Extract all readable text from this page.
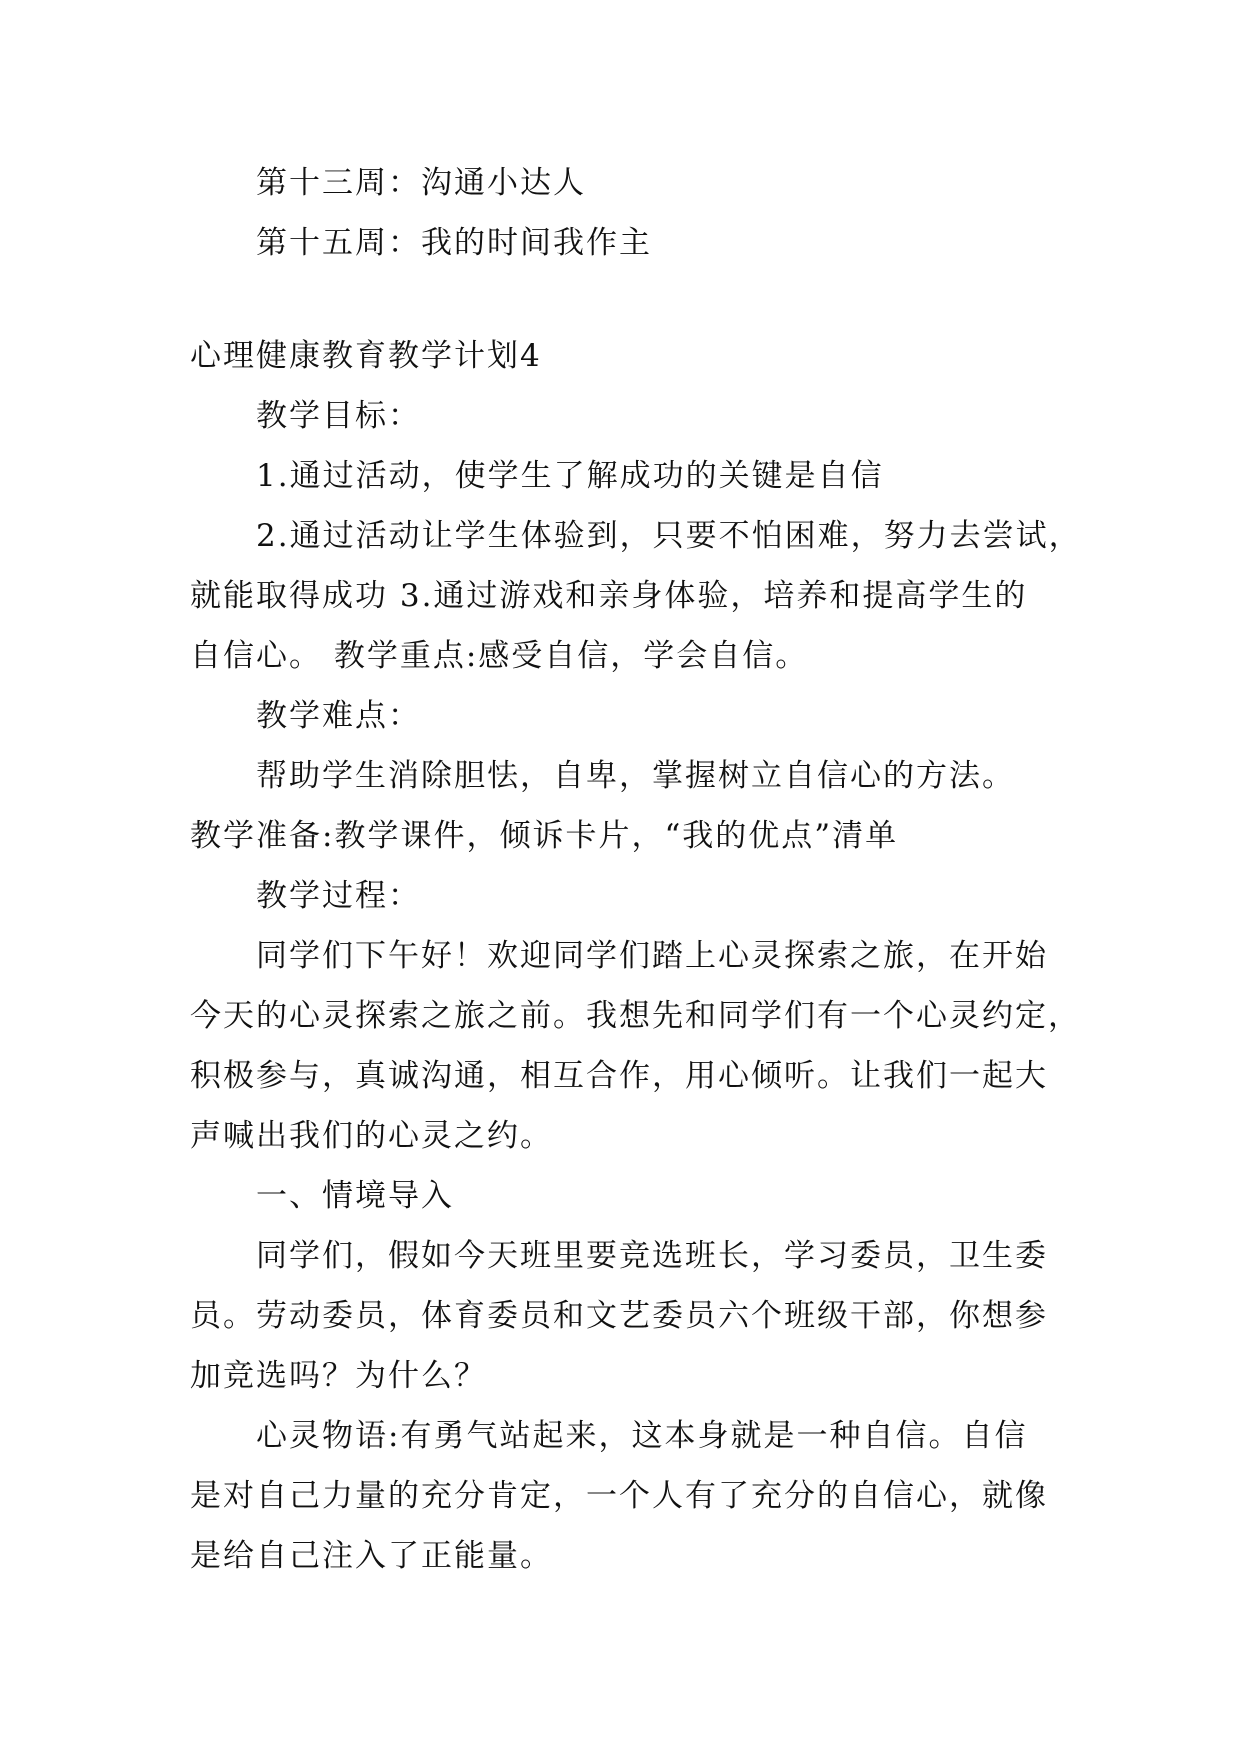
第十三周：沟通小达人
第十五周：我的时间我作主
心理健康教育教学计划4
教学目标：
1.通过活动，使学生了解成功的关键是自信
2.通过活动让学生体验到，只要不怕困难，努力去尝试，
就能取得成功 3.通过游戏和亲身体验，培养和提高学生的
自信心。 教学重点:感受自信，学会自信。
教学难点：
帮助学生消除胆怯，自卑，掌握树立自信心的方法。
教学准备:教学课件，倾诉卡片，“我的优点”清单
教学过程：
同学们下午好！欢迎同学们踏上心灵探索之旅，在开始
今天的心灵探索之旅之前。我想先和同学们有一个心灵约定，
积极参与，真诚沟通，相互合作，用心倾听。让我们一起大
声喊出我们的心灵之约。
一、情境导入
同学们，假如今天班里要竞选班长，学习委员，卫生委
员。劳动委员，体育委员和文艺委员六个班级干部，你想参
加竞选吗？为什么？
心灵物语:有勇气站起来，这本身就是一种自信。自信
是对自己力量的充分肯定，一个人有了充分的自信心，就像
是给自己注入了正能量。
